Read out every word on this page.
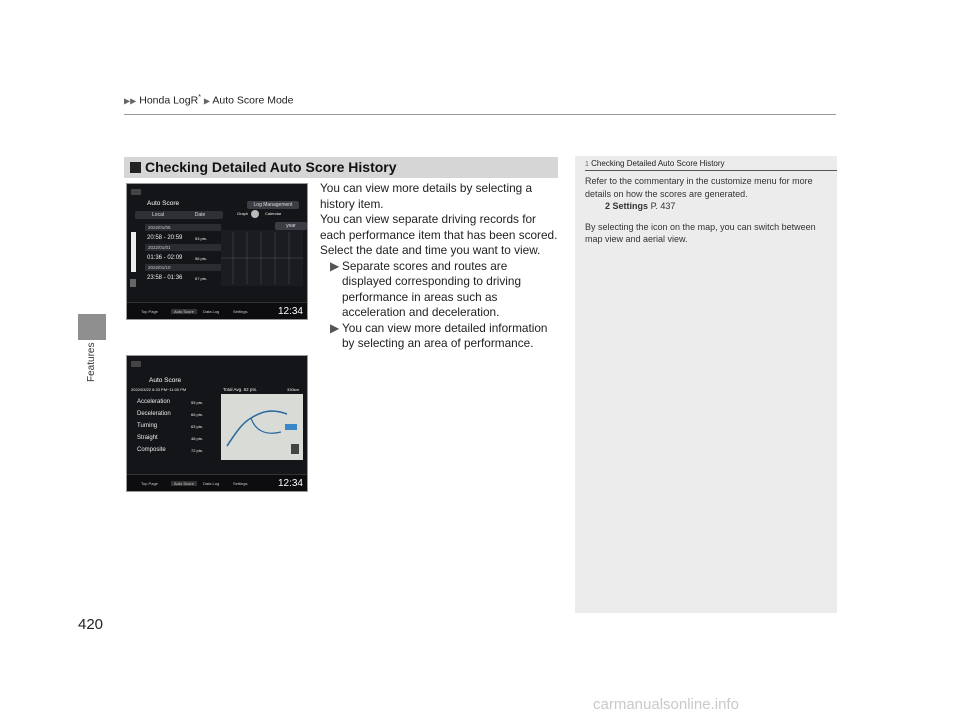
▶▶ Honda LogR* ▶ Auto Score Mode
Features
420
Checking Detailed Auto Score History
Auto Score	Log Management
Local	Date	Graph	Calendar
year
2022/01/05
20:58 - 20:59	53 pts.
2022/01/01
01:36 - 02:09	56 pts.
2022/01/10
23:58 - 01:36	67 pts.
Top Page	Auto Score	Data Log	Settings	12:34
Auto Score
2022/03/22 6:33 PM~11:00 PM	Total Avg. 62 pts.	330km
Acceleration	55 pts.
Deceleration	66 pts.
Turning	63 pts.
Straight	48 pts.
Composite	72 pts.
Top Page	Auto Score	Data Log	Settings	12:34

You can view more details by selecting a history item.

You can view separate driving records for each performance item that has been scored.

Select the date and time you want to view.

▶ Separate scores and routes are displayed corresponding to driving performance in areas such as acceleration and deceleration.

▶ You can view more detailed information by selecting an area of performance.

1 Checking Detailed Auto Score History

Refer to the commentary in the customize menu for more details on how the scores are generated.

2 Settings P. 437

By selecting the icon on the map, you can switch between map view and aerial view.

carmanualsonline.info
